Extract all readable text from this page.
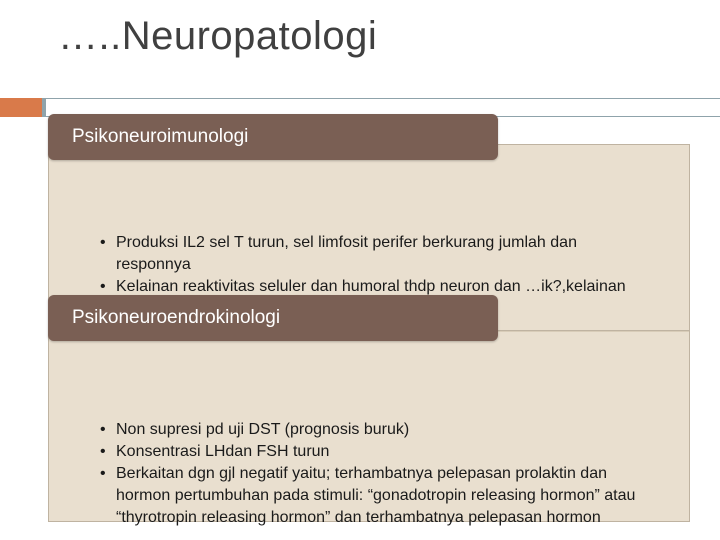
…..Neuropatologi
• Produksi IL2 sel T turun, sel limfosit perifer berkurang jumlah dan responnya
• Kelainan reaktivitas seluler dan humoral thdp neuron dan …ik?,kelainan
Psikoneuroimunologi
• Non supresi pd uji DST (prognosis buruk)
• Konsentrasi LHdan FSH turun
• Berkaitan dgn gjl negatif yaitu; terhambatnya pelepasan prolaktin dan hormon pertumbuhan pada stimuli: “gonadotropin releasing hormon” atau “thyrotropin releasing hormon” dan terhambatnya pelepasan hormon
Psikoneuroendrokinologi
